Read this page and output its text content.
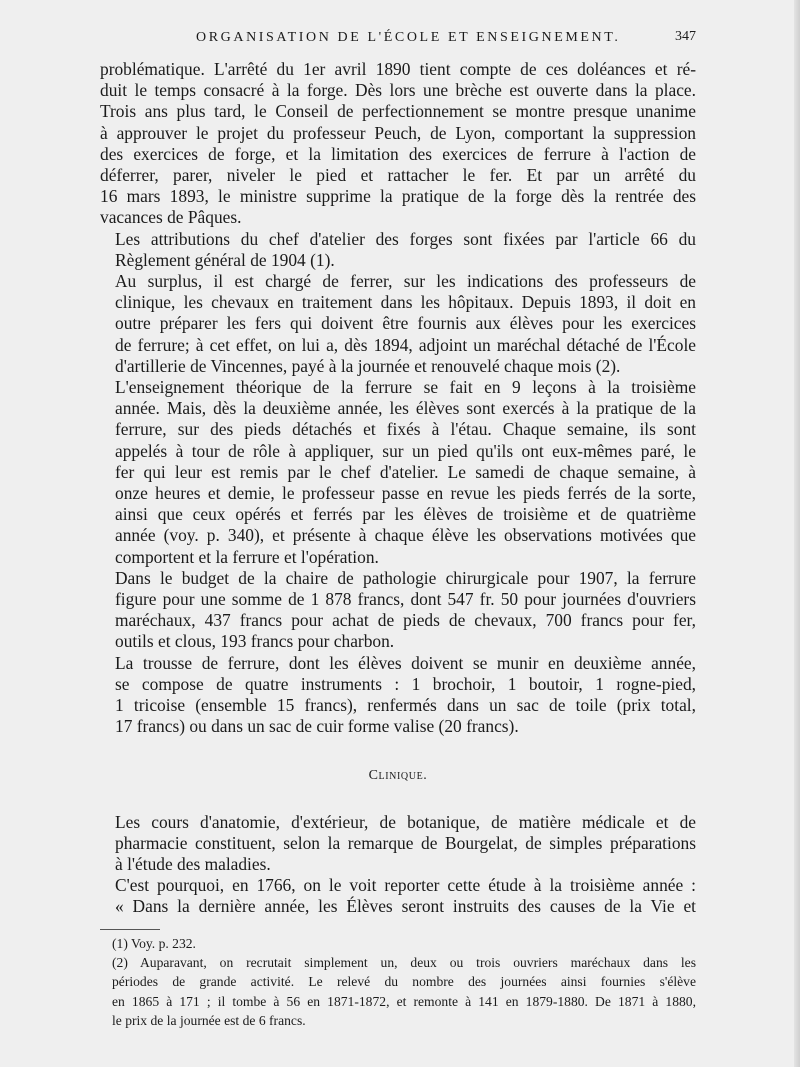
ORGANISATION DE L'ÉCOLE ET ENSEIGNEMENT.	347

problématique. L'arrêté du 1er avril 1890 tient compte de ces doléances et ré-
duit le temps consacré à la forge. Dès lors une brèche est ouverte dans la place.
Trois ans plus tard, le Conseil de perfectionnement se montre presque unanime
à approuver le projet du professeur Peuch, de Lyon, comportant la suppression
des exercices de forge, et la limitation des exercices de ferrure à l'action de
déferrer, parer, niveler le pied et rattacher le fer. Et par un arrêté du
16 mars 1893, le ministre supprime la pratique de la forge dès la rentrée des
vacances de Pâques.

Les attributions du chef d'atelier des forges sont fixées par l'article 66 du
Règlement général de 1904 (1).

Au surplus, il est chargé de ferrer, sur les indications des professeurs de
clinique, les chevaux en traitement dans les hôpitaux. Depuis 1893, il doit en
outre préparer les fers qui doivent être fournis aux élèves pour les exercices
de ferrure; à cet effet, on lui a, dès 1894, adjoint un maréchal détaché de l'École
d'artillerie de Vincennes, payé à la journée et renouvelé chaque mois (2).

L'enseignement théorique de la ferrure se fait en 9 leçons à la troisième
année. Mais, dès la deuxième année, les élèves sont exercés à la pratique de la
ferrure, sur des pieds détachés et fixés à l'étau. Chaque semaine, ils sont
appelés à tour de rôle à appliquer, sur un pied qu'ils ont eux-mêmes paré, le
fer qui leur est remis par le chef d'atelier. Le samedi de chaque semaine, à
onze heures et demie, le professeur passe en revue les pieds ferrés de la sorte,
ainsi que ceux opérés et ferrés par les élèves de troisième et de quatrième
année (voy. p. 340), et présente à chaque élève les observations motivées que
comportent et la ferrure et l'opération.

Dans le budget de la chaire de pathologie chirurgicale pour 1907, la ferrure
figure pour une somme de 1 878 francs, dont 547 fr. 50 pour journées d'ouvriers
maréchaux, 437 francs pour achat de pieds de chevaux, 700 francs pour fer,
outils et clous, 193 francs pour charbon.

La trousse de ferrure, dont les élèves doivent se munir en deuxième année,
se compose de quatre instruments : 1 brochoir, 1 boutoir, 1 rogne-pied,
1 tricoise (ensemble 15 francs), renfermés dans un sac de toile (prix total,
17 francs) ou dans un sac de cuir forme valise (20 francs).

Clinique.

Les cours d'anatomie, d'extérieur, de botanique, de matière médicale et de
pharmacie constituent, selon la remarque de Bourgelat, de simples préparations
à l'étude des maladies.

C'est pourquoi, en 1766, on le voit reporter cette étude à la troisième année :
« Dans la dernière année, les Élèves seront instruits des causes de la Vie et

(1) Voy. p. 232.

(2) Auparavant, on recrutait simplement un, deux ou trois ouvriers maréchaux dans les
périodes de grande activité. Le relevé du nombre des journées ainsi fournies s'élève
en 1865 à 171 ; il tombe à 56 en 1871-1872, et remonte à 141 en 1879-1880. De 1871 à 1880,
le prix de la journée est de 6 francs.
